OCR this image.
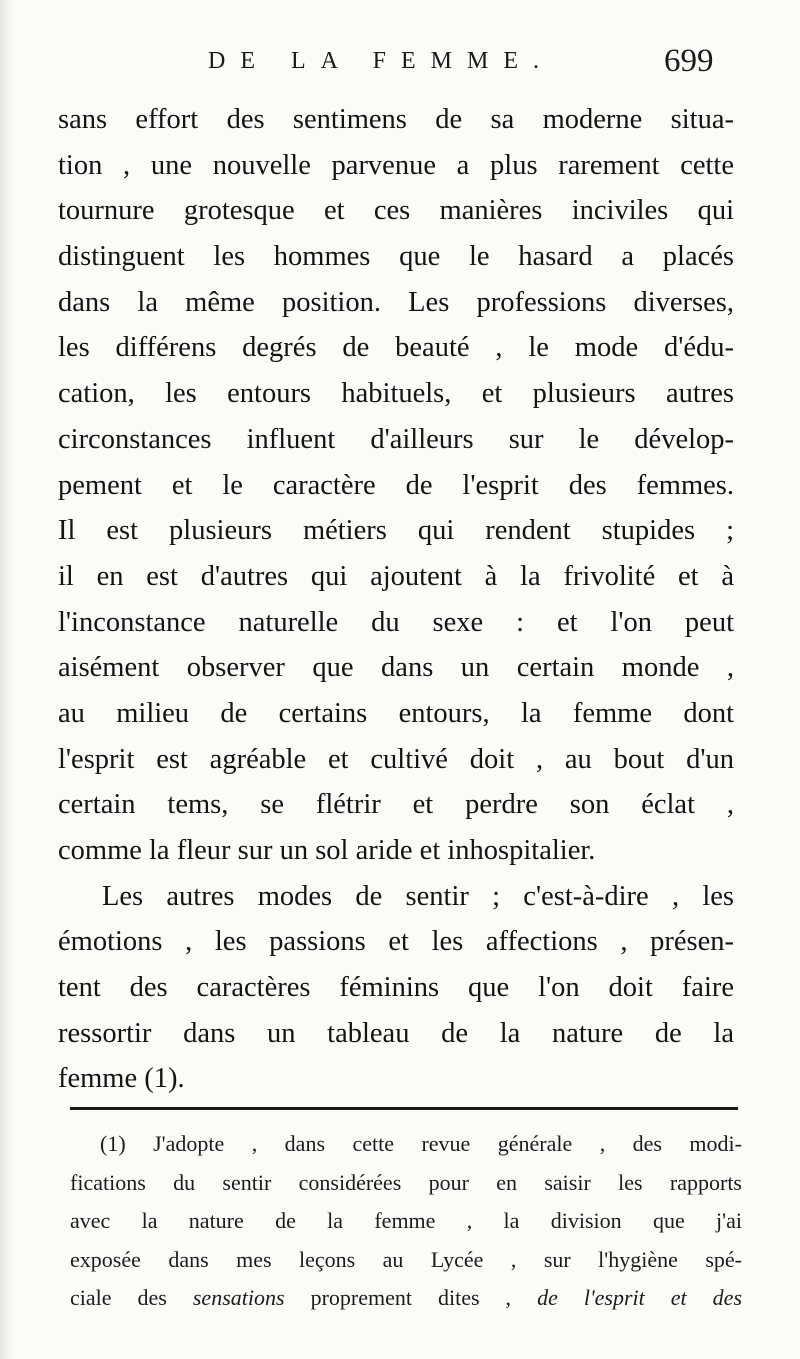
DE LA FEMME.	699
sans effort des sentimens de sa moderne situa-
tion , une nouvelle parvenue a plus rarement cette
tournure grotesque et ces manières inciviles qui
distinguent les hommes que le hasard a placés
dans la même position. Les professions diverses,
les différens degrés de beauté , le mode d'édu-
cation, les entours habituels, et plusieurs autres
circonstances influent d'ailleurs sur le dévelop-
pement et le caractère de l'esprit des femmes.
Il est plusieurs métiers qui rendent stupides ;
il en est d'autres qui ajoutent à la frivolité et à
l'inconstance naturelle du sexe : et l'on peut
aisément observer que dans un certain monde ,
au milieu de certains entours, la femme dont
l'esprit est agréable et cultivé doit , au bout d'un
certain tems, se flétrir et perdre son éclat ,
comme la fleur sur un sol aride et inhospitalier.
Les autres modes de sentir ; c'est-à-dire , les
émotions , les passions et les affections , présen-
tent des caractères féminins que l'on doit faire
ressortir dans un tableau de la nature de la
femme (1).
(1) J'adopte , dans cette revue générale , des modi-
fications du sentir considérées pour en saisir les rapports
avec la nature de la femme , la division que j'ai
exposée dans mes leçons au Lycée , sur l'hygiène spé-
ciale des sensations proprement dites , de l'esprit et des
